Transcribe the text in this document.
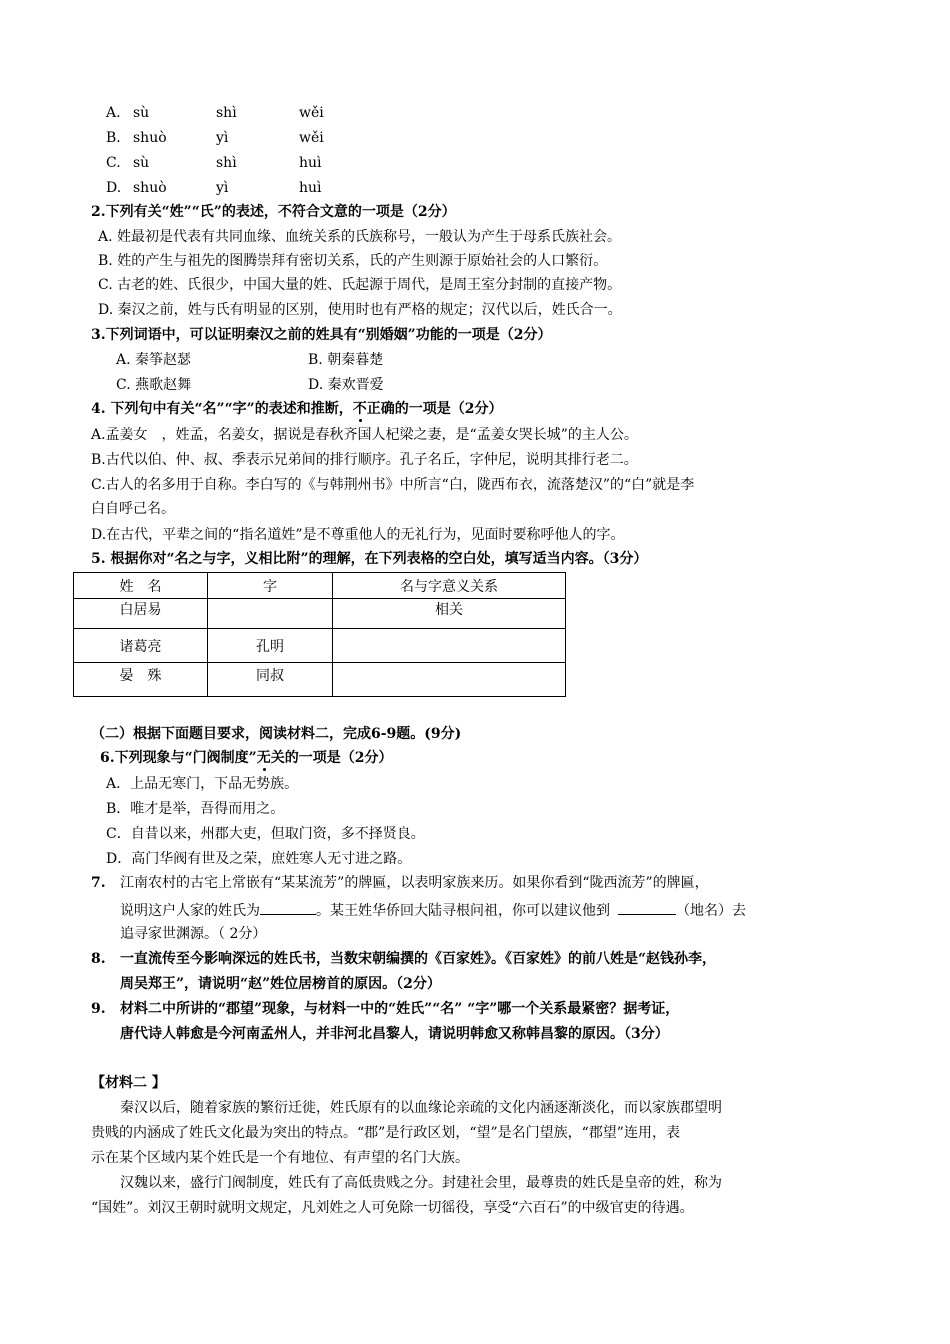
A. sù	shì	wěi
B. shuò	yì	wěi
C. sù	shì	huì
D. shuò	yì	huì
2.下列有关“姓”“氏”的表述，不符合文意的一项是（2分）
A. 姓最初是代表有共同血缘、血统关系的氏族称号，一般认为产生于母系氏族社会。
B. 姓的产生与祖先的图腾崇拜有密切关系，氏的产生则源于原始社会的人口繁衍。
C. 古老的姓、氏很少，中国大量的姓、氏起源于周代，是周王室分封制的直接产物。
D. 秦汉之前，姓与氏有明显的区别，使用时也有严格的规定；汉代以后，姓氏合一。
3.下列词语中，可以证明秦汉之前的姓具有“别婚姻”功能的一项是（2分）
A. 秦筝赵瑟	B. 朝秦暮楚
C. 燕歌赵舞	D. 秦欢晋爱
4. 下列句中有关“名”“字”的表述和推断，不正确的一项是（2分）
A.孟姜女　，姓孟，名姜女，据说是春秋齐国人杞梁之妻，是“孟姜女哭长城”的主人公。
B.古代以伯、仲、叔、季表示兄弟间的排行顺序。孔子名丘，字仲尼，说明其排行老二。
C.古人的名多用于自称。李白写的《与韩荆州书》中所言“白，陇西布衣，流落楚汉”的“白”就是李
白自呼己名。
D.在古代，平辈之间的“指名道姓”是不尊重他人的无礼行为，见面时要称呼他人的字。
5. 根据你对“名之与字，义相比附”的理解，在下列表格的空白处，填写适当内容。（3分）
姓　名	字	名与字意义关系
白居易		相关
诸葛亮	孔明	
晏　殊	同叔	
（二）根据下面题目要求，阅读材料二，完成6-9题。(9分)
6.下列现象与“门阀制度”无关的一项是（2分）
A．上品无寒门，下品无势族。
B．唯才是举，吾得而用之。
C．自昔以来，州郡大吏，但取门资，多不择贤良。
D．高门华阀有世及之荣，庶姓寒人无寸进之路。
7. 江南农村的古宅上常嵌有“某某流芳”的牌匾，以表明家族来历。如果你看到“陇西流芳”的牌匾，
说明这户人家的姓氏为	。某王姓华侨回大陆寻根问祖，你可以建议他到	（地名）去
追寻家世渊源。（ 2分）
8. 一直流传至今影响深远的姓氏书，当数宋朝编撰的《百家姓》。《百家姓》的前八姓是“赵钱孙李，
周吴郑王”，请说明“赵”姓位居榜首的原因。（2分）
9. 材料二中所讲的“郡望”现象，与材料一中的“姓氏”“名” “字”哪一个关系最紧密？据考证，
唐代诗人韩愈是今河南孟州人，并非河北昌黎人，请说明韩愈又称韩昌黎的原因。（3分）
【材料二 】
秦汉以后，随着家族的繁衍迁徙，姓氏原有的以血缘论亲疏的文化内涵逐渐淡化，而以家族郡望明
贵贱的内涵成了姓氏文化最为突出的特点。“郡”是行政区划，“望”是名门望族，“郡望”连用，表
示在某个区域内某个姓氏是一个有地位、有声望的名门大族。
汉魏以来，盛行门阀制度，姓氏有了高低贵贱之分。封建社会里，最尊贵的姓氏是皇帝的姓，称为
“国姓”。刘汉王朝时就明文规定，凡刘姓之人可免除一切徭役，享受“六百石”的中级官吏的待遇。
